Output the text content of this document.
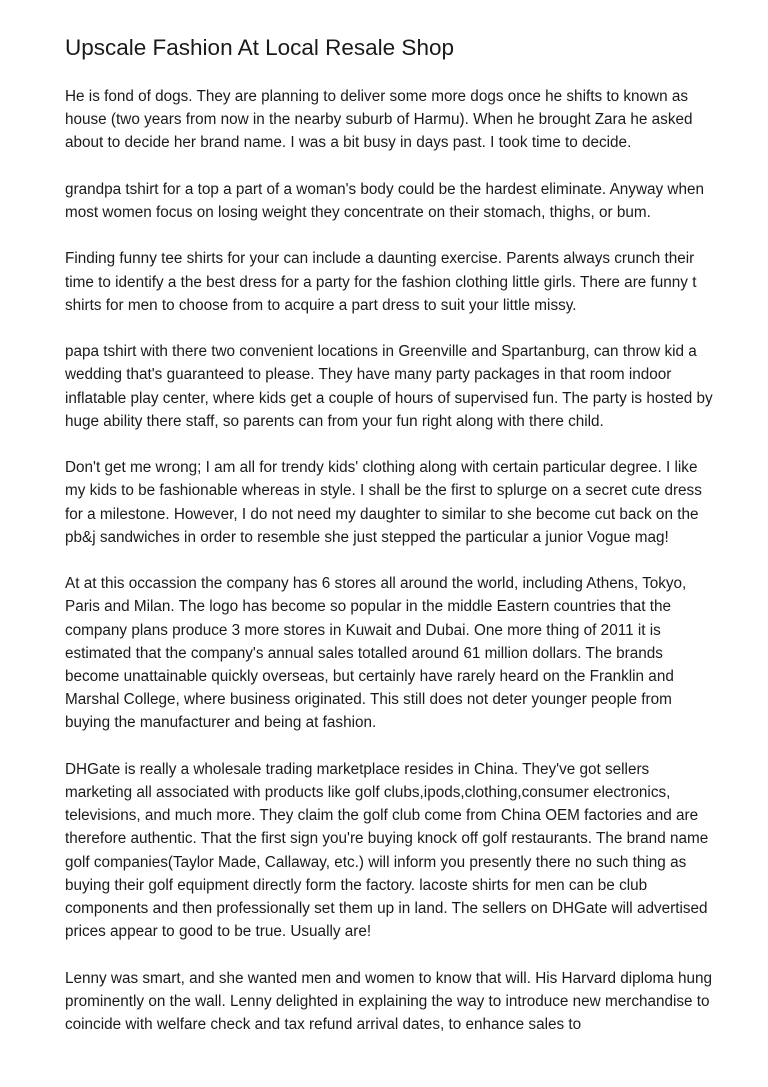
Upscale Fashion At Local Resale Shop

He is fond of dogs. They are planning to deliver some more dogs once he shifts to known as house (two years from now in the nearby suburb of Harmu). When he brought Zara he asked about to decide her brand name. I was a bit busy in days past. I took time to decide.

grandpa tshirt for a top a part of a woman's body could be the hardest eliminate. Anyway when most women focus on losing weight they concentrate on their stomach, thighs, or bum.

Finding funny tee shirts for your can include a daunting exercise. Parents always crunch their time to identify a the best dress for a party for the fashion clothing little girls. There are funny t shirts for men to choose from to acquire a part dress to suit your little missy.

papa tshirt with there two convenient locations in Greenville and Spartanburg, can throw kid a wedding that's guaranteed to please. They have many party packages in that room indoor inflatable play center, where kids get a couple of hours of supervised fun. The party is hosted by huge ability there staff, so parents can from your fun right along with there child.

Don't get me wrong; I am all for trendy kids' clothing along with certain particular degree. I like my kids to be fashionable whereas in style. I shall be the first to splurge on a secret cute dress for a milestone. However, I do not need my daughter to similar to she become cut back on the pb&j sandwiches in order to resemble she just stepped the particular a junior Vogue mag!

At at this occassion the company has 6 stores all around the world, including Athens, Tokyo, Paris and Milan. The logo has become so popular in the middle Eastern countries that the company plans produce 3 more stores in Kuwait and Dubai. One more thing of 2011 it is estimated that the company's annual sales totalled around 61 million dollars. The brands become unattainable quickly overseas, but certainly have rarely heard on the Franklin and Marshal College, where business originated. This still does not deter younger people from buying the manufacturer and being at fashion.

DHGate is really a wholesale trading marketplace resides in China. They've got sellers marketing all associated with products like golf clubs,ipods,clothing,consumer electronics, televisions, and much more. They claim the golf club come from China OEM factories and are therefore authentic. That the first sign you're buying knock off golf restaurants. The brand name golf companies(Taylor Made, Callaway, etc.) will inform you presently there no such thing as buying their golf equipment directly form the factory. lacoste shirts for men can be club components and then professionally set them up in land. The sellers on DHGate will advertised prices appear to good to be true. Usually are!

Lenny was smart, and she wanted men and women to know that will. His Harvard diploma hung prominently on the wall. Lenny delighted in explaining the way to introduce new merchandise to coincide with welfare check and tax refund arrival dates, to enhance sales to
